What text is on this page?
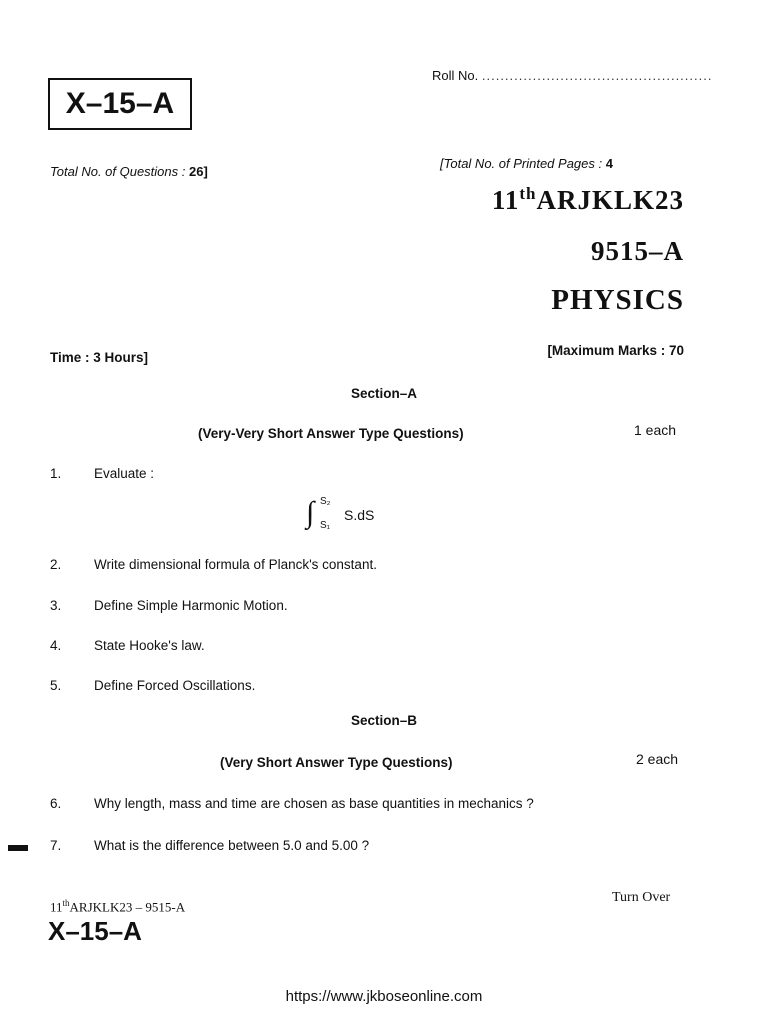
Roll No. ..................................................
X–15–A
Total No. of Questions : 26]
[Total No. of Printed Pages : 4
11thARJKLK23
9515–A
PHYSICS
Time : 3 Hours]	[Maximum Marks : 70
Section–A
(Very-Very Short Answer Type Questions)	1 each
1. Evaluate :
∫ S₂
S₁
S.dS
2. Write dimensional formula of Planck's constant.
3. Define Simple Harmonic Motion.
4. State Hooke's law.
5. Define Forced Oscillations.
Section–B
(Very Short Answer Type Questions)	2 each
6. Why length, mass and time are chosen as base quantities in mechanics ?
7. What is the difference between 5.0 and 5.00 ?
11thARJKLK23 – 9515-A
Turn Over
X–15–A
https://www.jkboseonline.com
